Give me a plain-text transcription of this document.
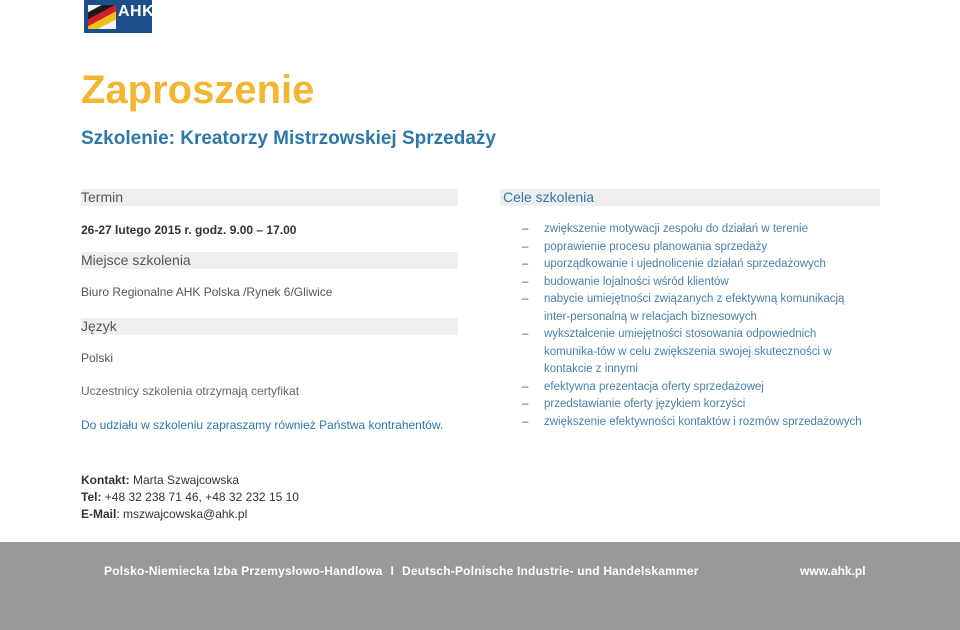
AHK
Zaproszenie
Szkolenie: Kreatorzy Mistrzowskiej Sprzedaży
Termin
26-27 lutego 2015 r. godz. 9.00 – 17.00
Miejsce szkolenia
Biuro Regionalne AHK Polska /Rynek 6/Gliwice
Język
Polski
Uczestnicy szkolenia otrzymają certyfikat
Do udziału w szkoleniu zapraszamy również Państwa kontrahentów.
Cele szkolenia
– zwiększenie motywacji zespołu do działań w terenie
– poprawienie procesu planowania sprzedaży
– uporządkowanie i ujednolicenie działań sprzedażowych
– budowanie lojalności wśród klientów
– nabycie umiejętności związanych z efektywną komunikacją inter-personalną w relacjach biznesowych
– wykształcenie umiejętności stosowania odpowiednich komunika-tów w celu zwiększenia swojej skuteczności w kontakcie z innymi
– efektywna prezentacja oferty sprzedażowej
– przedstawianie oferty językiem korzyści
– zwiększenie efektywności kontaktów i rozmów sprzedażowych
Kontakt: Marta Szwajcowska
Tel: +48 32 238 71 46, +48 32 232 15 10
E-Mail: mszwajcowska@ahk.pl
Polsko-Niemiecka Izba Przemysłowo-Handlowa I Deutsch-Polnische Industrie- und Handelskammer	www.ahk.pl
